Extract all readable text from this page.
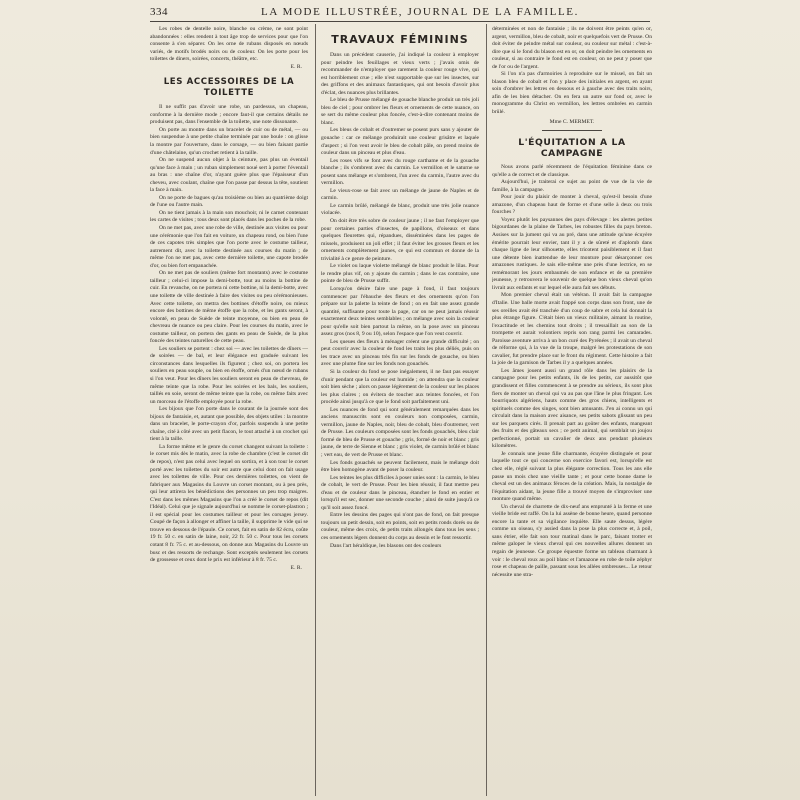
334	LA MODE ILLUSTRÉE, JOURNAL DE LA FAMILLE.

Les robes de dentelle noire, blanche ou crème, ne sont point abandonnées : elles rendent à tout âge trop de services pour que l'on consente à s'en séparer. On les orne de rubans disposés en nœuds variés, de motifs brodés noirs ou de couleur. On les porte pour les toilettes de diners, soirées, concerts, théâtre, etc.

E. R.
LES ACCESSOIRES DE LA TOILETTE

Il ne suffit pas d'avoir une robe, un pardessus, un chapeau, conforme à la dernière mode ; encore faut-il que certains détails ne produisent pas, dans l'ensemble de la toilette, une note dissonante.

On porte au montre dans un bracelet de cuir ou de métal, — ou bien suspendue à une petite chaîne terminée par une boule : on glisse la montre par l'ouverture, dans le corsage, — ou bien faisant partie d'une châtelaine, qu'un crochet retient à la taille.

On ne suspend aucun objet à la ceinture, pas plus un éventail qu'une face à main ; un ruban simplement noué sert à porter l'éventail au bras : une chaîne d'or, n'ayant guère plus que l'épaisseur d'un cheveu, avec coulant, chaîne que l'on passe par dessus la tête, soutient la face à main.

On ne porte de bagues qu'au troisième ou bien au quatrième doigt de l'une ou l'autre main.

On ne tient jamais à la main son mouchoir, ni le carnet contenant les cartes de visites ; tous deux sont placés dans les poches de la robe.

On ne met pas, avec une robe de ville, destinée aux visites ou pour une cérémonie que l'on fait en voiture, un chapeau rond, ou bien l'une de ces capotes très simples que l'on porte avec le costume tailleur, autrement dit, avec la toilette destinée aux courses du matin ; de même l'on ne met pas, avec cette dernière toilette, une capote brodée d'or, ou bien fort empanachée.

On ne met pas de souliers (même fort montants) avec le costume tailleur ; celui-ci impose la demi-botte, tout au moins la bottine de cuir. En revanche, on ne portera ni cette bottine, ni la demi-botte, avec une toilette de ville destinée à faire des visites ou peu cérémonieuses. Avec cette toilette, on mettra des bottines d'étoffe noire, ou mieux encore des bottines de même étoffe que la robe, et les gants seront, à volonté, en peau de Suède de teinte moyenne, ou bien en peau de chevreau de nuance ou peu claire. Pour les courses du matin, avec le costume tailleur, on portera des gants en peau de Suède, de la plus foncée des teintes naturelles de cette peau.

Les souliers se portent : chez soi — avec les toilettes de dîners — de soirées — de bal, et leur élégance est graduée suivant les circonstances dans lesquelles ils figurent ; chez soi, on portera les souliers en peau souple, ou bien en étoffe, ornés d'un nœud de rubans si l'on veut. Pour les dîners les souliers seront en peau de chevreau, de même teinte que la robe. Pour les soirées et les bals, les souliers, taillés en soie, seront de même teinte que la robe, ou même faits avec un morceau de l'étoffe employée pour la robe.

Les bijoux que l'on porte dans le courant de la journée sont des bijoux de fantaisie, et, autant que possible, des objets utiles : la montre dans un bracelet, le porte-crayon d'or, parfois suspendu à une petite chaîne, cité à côté avec un petit flacon, le tout attaché à un crochet qui tient à la taille.

La forme même et le genre du corset changent suivant la toilette : le corset mis dès le matin, avec la robe de chambre (c'est le corset dit de repos), n'est pas celui avec lequel on sortira, et à son tour le corset porté avec les toilettes du soir est autre que celui dont on fait usage avec les toilettes de ville. Pour ces dernières toilettes, on vient de fabriquer aux Magasins du Louvre un corset montant, ou à peu près, qui leur attirera les bénédictions des personnes un peu trop maigres. C'est dans les mêmes Magasins que l'on a créé le corset de repos (dit l'Idéal). Celui que je signale aujourd'hui se nomme le corset-plastron ; il est spécial pour les costumes tailleur et pour les corsages jersey. Coupé de façon à allonger et affiner la taille, il supprime le vide qui se trouve en dessous de l'épaule. Ce corset, fait en satin de 82 écru, coûte 19 fr. 50 c. en satin de laine, noir, 22 fr. 50 c. Pour tous les corsets cotant 8 fr. 75 c. et au-dessous, on donne aux Magasins du Louvre un busc et des ressorts de rechange. Sont exceptés seulement les corsets de grossesse et ceux dont le prix est inférieur à 8 fr. 75 c.

E. R.
TRAVAUX FÉMININS

Dans un précédent causerie, j'ai indiqué la couleur à employer pour peindre les feuillages et vieux verts ; j'avais omis de recommander de n'employer que rarement la couleur rouge vive, qui est horriblement crue ; elle n'est supportable que sur les insectes, sur des griffons et des animaux fantastiques, qui ont besoin d'avoir plus d'éclat, des nuances plus brillantes.

Le bleu de Prusse mélangé de gouache blanche produit un très joli bleu de ciel ; pour ombrer les fleurs et ornements de cette nuance, on se sert du même couleur plus foncée, c'est-à-dire contenant moins de blanc.

Les bleus de cobalt et d'outremer se posent purs sans y ajouter de gouache : car ce mélange produirait une couleur grisâtre et laquée d'aspect ; si l'on veut avoir le bleu de cobalt pâle, on prend moins de couleur dans un pinceau et plus d'eau.

Les roses vifs se font avec du rouge carthame et de la gouache blanche ; ils s'ombrent avec du carmin. Le vermillon et le saturne se posent sans mélange et s'ombrent, l'un avec du carmin, l'autre avec du vermillon.

Le vieux-rose se fait avec un mélange de jaune de Naples et de carmin.

Le carmin brûlé, mélangé de blanc, produit une très jolie nuance violacée.

On doit être très sobre de couleur jaune ; il ne faut l'employer que pour certaines parties d'insectes, de papillons, d'oiseaux et dans quelques fleurettes qui, répandues, disséminées dans les pages de missels, produisent un joli effet ; il faut éviter les grosses fleurs et les ornements complètement jaunes, ce qui est commun et donne de la trivialité à ce genre de peinture.

Le violet ou laque violette mélangé de blanc produit le lilas. Pour le rendre plus vif, on y ajoute du carmin ; dans le cas contraire, une pointe de bleu de Prusse suffit.

Lorsqu'on désire faire une page à fond, il faut toujours commencer par l'ébauche des fleurs et des ornements qu'on l'on prépare sur la palette la teinte de fond ; on en fait une assez grande quantité, suffisante pour toute la page, car on ne peut jamais réussir exactement deux teintes semblables ; on mélange avec soin la couleur pour qu'elle soit bien partout la même, on la pose avec un pinceau assez gros (nos 8, 9 ou 10), selon l'espace que l'on veut couvrir.

Les queues des fleurs à ménager créent une grande difficulté ; on peut couvrir avec la couleur de fond les traits les plus déliés, puis on les trace avec un pinceau très fin sur les fonds de gouache, ou bien avec une plume fine sur les fonds non gouachés.

Si la couleur du fond se pose inégalement, il ne faut pas essayer d'unir pendant que la couleur est humide ; on attendra que la couleur soit bien sèche ; alors on passe légèrement de la couleur sur les places les plus claires ; on évitera de toucher aux teintes foncées, et l'on procède ainsi jusqu'à ce que le fond soit parfaitement uni.

Les nuances de fond qui sont généralement remarquées dans les anciens manuscrits sont en couleurs non composées, carmin, vermillon, jaune de Naples, noir, bleu de cobalt, bleu d'outremer, vert de Prusse. Les couleurs composées sont les fonds gouachés, bleu clair formé de bleu de Prusse et gouache ; gris, formé de noir et blanc ; gris jaune, de terre de Sienne et blanc ; gris violet, de carmin brûlé et blanc ; vert eau, de vert de Prusse et blanc.

Les fonds gouachés se peuvent facilement, mais le mélange doit être bien homogène avant de poser la couleur.

Les teintes les plus difficiles à poser unies sont : la carmin, le bleu de cobalt, le vert de Prusse. Pour les bien réussir, il faut mettre peu d'eau et de couleur dans le pinceau, étancher le fond en entier et lorsqu'il est sec, donner une seconde couche ; ainsi de suite jusqu'à ce qu'il soit assez foncé.

Entre les dessins des pages qui n'ont pas de fond, on fait presque toujours un petit dessin, soit en points, soit en petits ronds dorés ou de couleur, même des croix, de petits traits allongés dans tous les sens ; ces ornements légers donnent du corps au dessin et le font ressortir.

Dans l'art héraldique, les blasons ont des couleurs

déterminées et non de fantaisie ; ils ne doivent être peints qu'en or, argent, vermillon, bleu de cobalt, noir et quelquefois vert de Prusse. On doit éviter de peindre métal sur couleur, ou couleur sur métal : c'est-à-dire que si le fond du blason est en or, on doit peindre les ornements en couleur, si au contraire le fond est en couleur, on ne peut y poser que de l'or ou de l'argent.

Si l'on n'a pas d'armoiries à reproduire sur le missel, on fait un blason bleu de cobalt et l'on y place des initiales en argent, en ayant soin d'ombrer les lettres en dessous et à gauche avec des traits noirs, afin de les bien détacher. On en fera un autre sur fond or, avec le monogramme du Christ en vermillon, les lettres ombrées en carmin brûlé.

Mme C. MERMET.
L'ÉQUITATION A LA CAMPAGNE

Nous avons parlé récemment de l'équitation féminine dans ce qu'elle a de correct et de classique.

Aujourd'hui, je traiterai ce sujet au point de vue de la vie de famille, à la campagne.

Pour jouir du plaisir de monter à cheval, qu'est-il besoin d'une amazone, d'un chapeau haut de forme et d'une selle à deux ou trois fourches ?

Voyez plutôt les paysannes des pays d'élevage : les alertes petites bigourdanes de la plaine de Tarbes, les robustes filles du pays breton. Assises sur la jument qui va au pré, dans une attitude qu'une écuyère émérite pourrait leur envier, tant il y a de sûreté et d'aplomb dans chaque ligne de leur silhouette, elles tricotent paisiblement et il faut une détente bien inattendue de leur monture pour désarçonner ces amazones rustiques. Je sais elle-même une près d'une lectrice, en se remémorant les jours embaumés de son enfance et de sa première jeunesse, y retrouvera le souvenir de quelque bon vieux cheval qu'on livrait aux enfants et sur lequel elle aura fait ses débuts.

Mon premier cheval était un vétéran. Il avait fait la campagne d'Italie. Une balle morte avait frappé son corps dans son front, une de ses oreilles avait été tranchée d'un coup de sabre et cela lui donnait la plus étrange figure. C'était bien un vieux militaire, aimant la routine, l'exactitude et les chemins tout droits ; il tressaillait au son de la trompette et aurait volontiers repris son rang parmi les camarades. Paroisse aventure arriva à un bon curé des Pyrénées ; il avait un cheval de réforme qui, à la vue de la troupe, malgré les protestations de son cavalier, fut prendre place sur le front du régiment. Cette histoire a fait la joie de la garnison de Tarbes il y a quelques années.

Les âmes jouent aussi un grand rôle dans les plaisirs de la campagne pour les petits enfants, ils de les petits, car aussitôt que grandissent et filles commencent à se prendre au sérieux, ils sont plus fiers de monter un cheval qui va au pas que l'âne le plus fringant. Les bourriquots algériens, hauts comme des gros chiens, intelligents et spirituels comme des singes, sont bien amusants. J'en ai connu un qui circulait dans la maison avec aisance, ses petits sabots glissant un peu sur les parquets cirés. Il prenait part au goûter des enfants, mangeant des fruits et des gâteaux secs ; ce petit animal, qui semblait un joujou perfectionné, portait un cavalier de deux ans pendant plusieurs kilomètres.

Je connais une jeune fille charmante, écuyère distinguée et pour laquelle tout ce qui concerne son exercice favori est, lorsqu'elle est chez elle, réglé suivant la plus élégante correction. Tous les ans elle passe un mois chez une vieille tante ; et pour cette bonne dame le cheval est un des animaux féroces de la création. Mais, la nostalgie de l'équitation aidant, la jeune fille a trouvé moyen de s'improviser une monture quand même.

Un cheval de charrette de dix-neuf ans emprunté à la ferme et une vieille bride est raffé. On la lui assène de bonne heure, quand personne encore la tante et sa vigilance inquiète. Elle saute dessus, légère comme un oiseau, s'y assied dans la pose la plus correcte et, à poil, sans étrier, elle fait son tour matinal dans le parc, faisant trotter et même galoper le vieux cheval qui ces nouvelles allures donnent un regain de jeunesse. Ce groupe équestre forme un tableau charmant à voir : le cheval roux au poil blanc et l'amazone en robe de toile zéphyr rose et chapeau de paille, passant sous les allées ombreuses... Le retour nécessite une stra-
